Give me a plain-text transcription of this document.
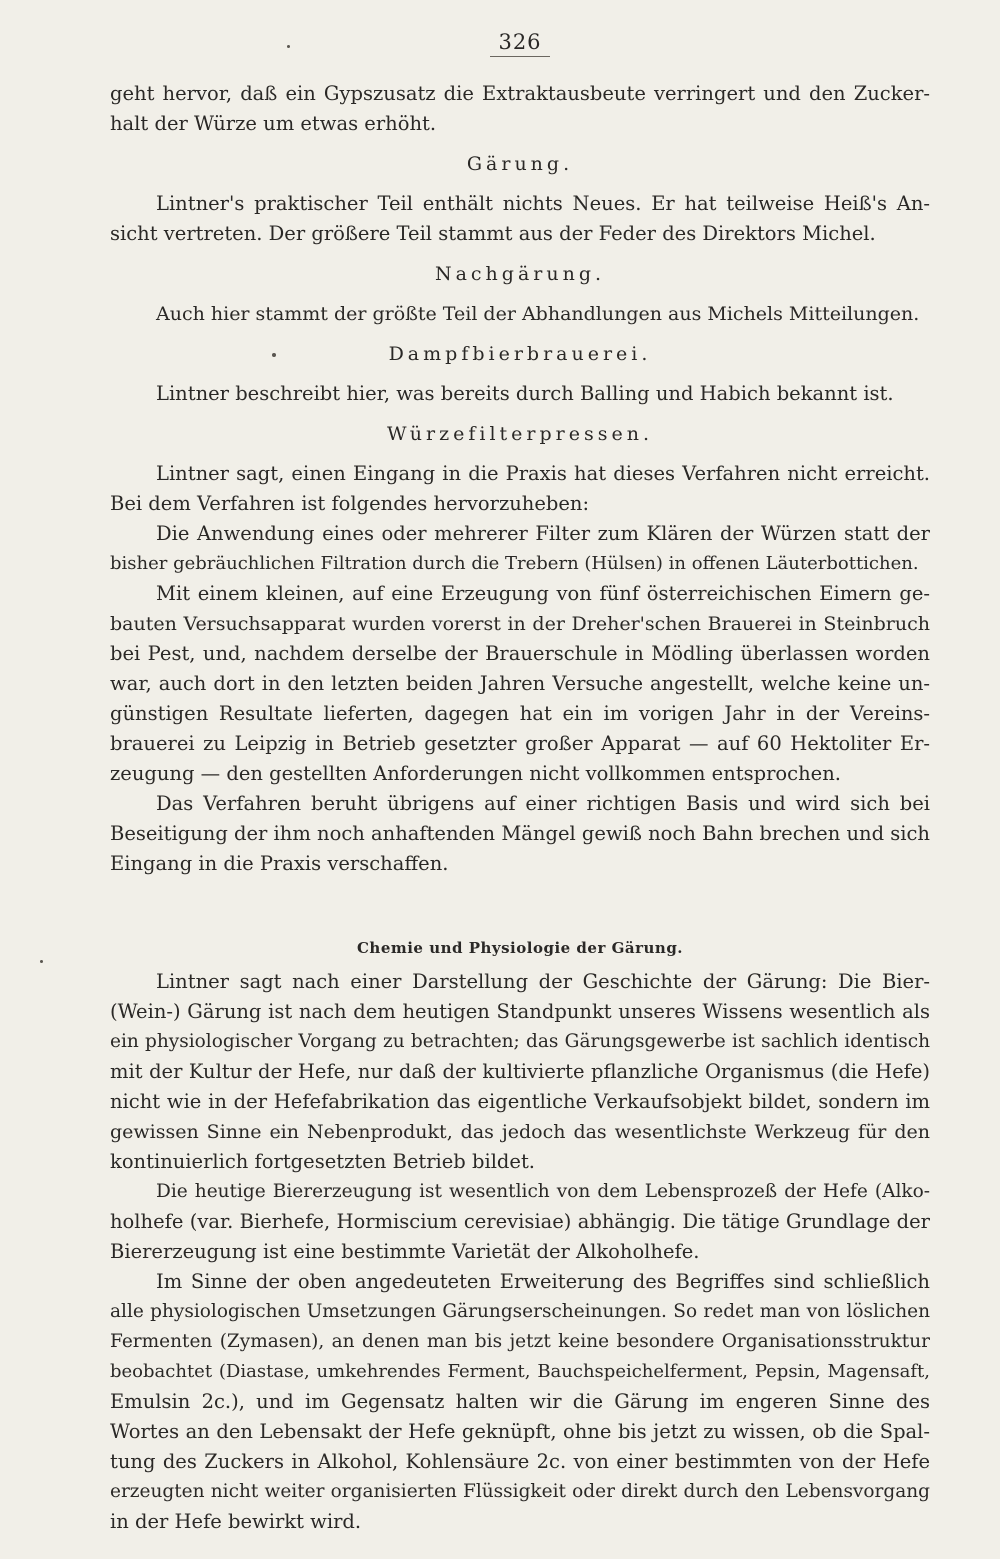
326
geht hervor, daß ein Gypszusatz die Extraktausbeute verringert und den Zucker-
halt der Würze um etwas erhöht.
Gärung.
Lintner's praktischer Teil enthält nichts Neues. Er hat teilweise Heiß's An-
sicht vertreten. Der größere Teil stammt aus der Feder des Direktors Michel.
Nachgärung.
Auch hier stammt der größte Teil der Abhandlungen aus Michels Mitteilungen.
Dampfbierbrauerei.
Lintner beschreibt hier, was bereits durch Balling und Habich bekannt ist.
Würzefilterpressen.
Lintner sagt, einen Eingang in die Praxis hat dieses Verfahren nicht erreicht.
Bei dem Verfahren ist folgendes hervorzuheben:
Die Anwendung eines oder mehrerer Filter zum Klären der Würzen statt der
bisher gebräuchlichen Filtration durch die Trebern (Hülsen) in offenen Läuterbottichen.
Mit einem kleinen, auf eine Erzeugung von fünf österreichischen Eimern ge-
bauten Versuchsapparat wurden vorerst in der Dreher'schen Brauerei in Steinbruch
bei Pest, und, nachdem derselbe der Brauerschule in Mödling überlassen worden
war, auch dort in den letzten beiden Jahren Versuche angestellt, welche keine un-
günstigen Resultate lieferten, dagegen hat ein im vorigen Jahr in der Vereins-
brauerei zu Leipzig in Betrieb gesetzter großer Apparat — auf 60 Hektoliter Er-
zeugung — den gestellten Anforderungen nicht vollkommen entsprochen.
Das Verfahren beruht übrigens auf einer richtigen Basis und wird sich bei
Beseitigung der ihm noch anhaftenden Mängel gewiß noch Bahn brechen und sich
Eingang in die Praxis verschaffen.
Chemie und Physiologie der Gärung.
Lintner sagt nach einer Darstellung der Geschichte der Gärung: Die Bier-
(Wein-) Gärung ist nach dem heutigen Standpunkt unseres Wissens wesentlich als
ein physiologischer Vorgang zu betrachten; das Gärungsgewerbe ist sachlich identisch
mit der Kultur der Hefe, nur daß der kultivierte pflanzliche Organismus (die Hefe)
nicht wie in der Hefefabrikation das eigentliche Verkaufsobjekt bildet, sondern im
gewissen Sinne ein Nebenprodukt, das jedoch das wesentlichste Werkzeug für den
kontinuierlich fortgesetzten Betrieb bildet.
Die heutige Biererzeugung ist wesentlich von dem Lebensprozeß der Hefe (Alko-
holhefe (var. Bierhefe, Hormiscium cerevisiae) abhängig. Die tätige Grundlage der
Biererzeugung ist eine bestimmte Varietät der Alkoholhefe.
Im Sinne der oben angedeuteten Erweiterung des Begriffes sind schließlich
alle physiologischen Umsetzungen Gärungserscheinungen. So redet man von löslichen
Fermenten (Zymasen), an denen man bis jetzt keine besondere Organisationsstruktur
beobachtet (Diastase, umkehrendes Ferment, Bauchspeichelferment, Pepsin, Magensaft,
Emulsin 2c.), und im Gegensatz halten wir die Gärung im engeren Sinne des
Wortes an den Lebensakt der Hefe geknüpft, ohne bis jetzt zu wissen, ob die Spal-
tung des Zuckers in Alkohol, Kohlensäure 2c. von einer bestimmten von der Hefe
erzeugten nicht weiter organisierten Flüssigkeit oder direkt durch den Lebensvorgang
in der Hefe bewirkt wird.
